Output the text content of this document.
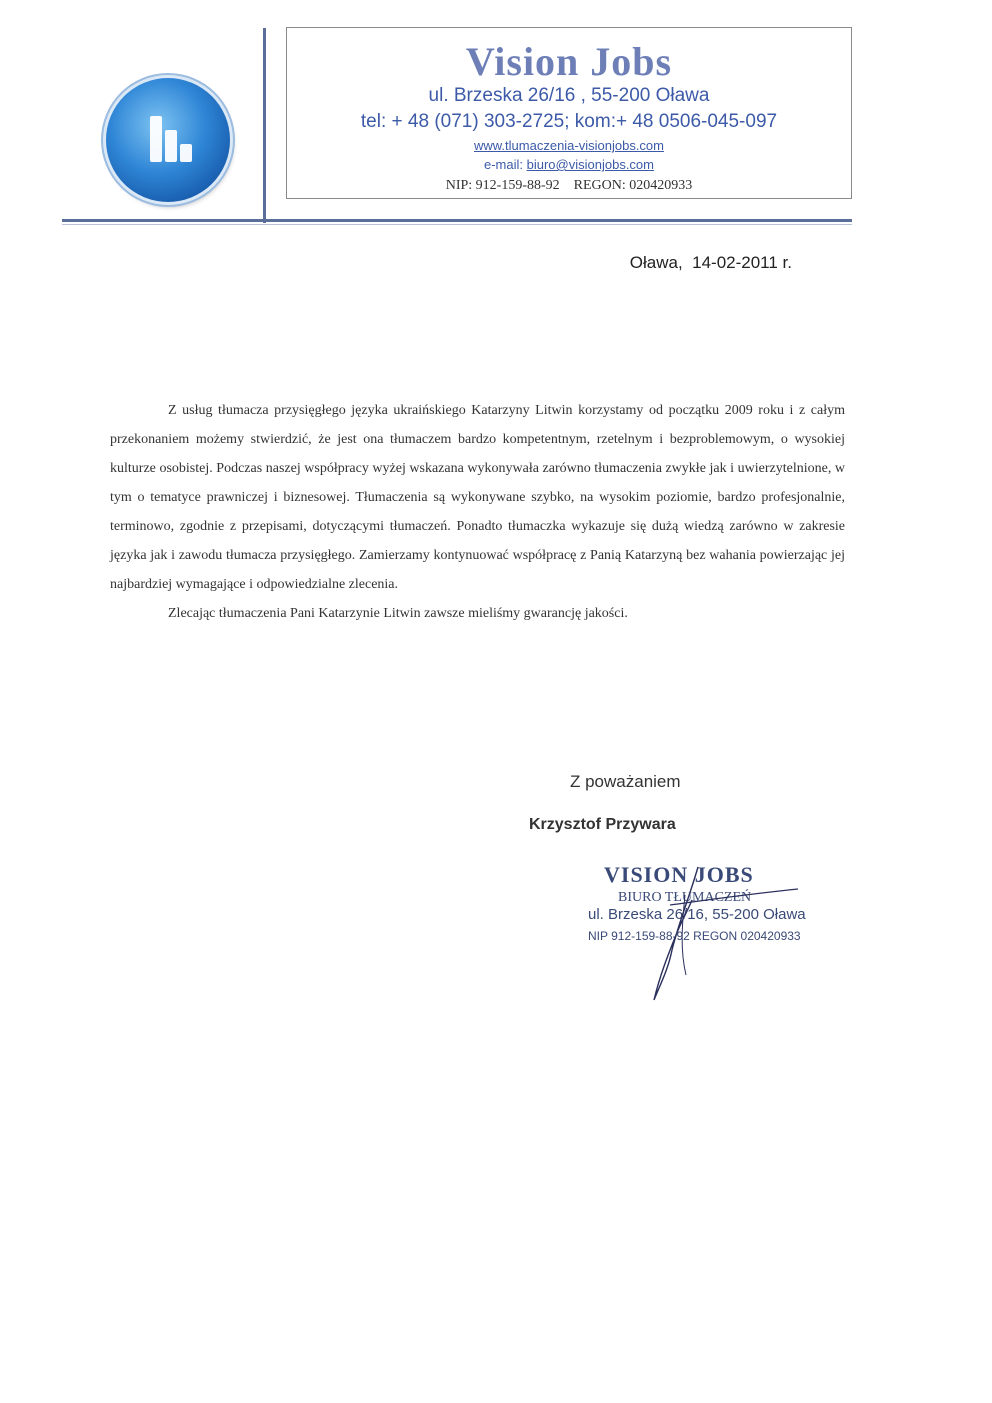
Vision Jobs
ul. Brzeska 26/16 , 55-200 Oława
tel: + 48 (071) 303-2725; kom:+ 48 0506-045-097
www.tlumaczenia-visionjobs.com
e-mail: biuro@visionjobs.com
NIP: 912-159-88-92    REGON: 020420933
Oława,  14-02-2011 r.

Z usług tłumacza przysięgłego języka ukraińskiego Katarzyny Litwin korzystamy od początku 2009 roku i z całym przekonaniem możemy stwierdzić, że jest ona tłumaczem bardzo kompetentnym, rzetelnym i bezproblemowym, o wysokiej kulturze osobistej. Podczas naszej współpracy wyżej wskazana wykonywała zarówno tłumaczenia zwykłe jak i uwierzytelnione, w tym o tematyce prawniczej i biznesowej. Tłumaczenia są wykonywane szybko, na wysokim poziomie, bardzo profesjonalnie, terminowo, zgodnie z przepisami, dotyczącymi tłumaczeń. Ponadto tłumaczka wykazuje się dużą wiedzą zarówno w zakresie języka jak i zawodu tłumacza przysięgłego. Zamierzamy kontynuować współpracę z Panią Katarzyną bez wahania powierzając jej najbardziej wymagające i odpowiedzialne zlecenia.

Zlecając tłumaczenia Pani Katarzynie Litwin zawsze mieliśmy gwarancję jakości.

Z poważaniem
Krzysztof Przywara
VISION JOBS
BIURO TŁUMACZEŃ
ul. Brzeska 26/16, 55-200 Oława
NIP 912-159-88-92 REGON 020420933
